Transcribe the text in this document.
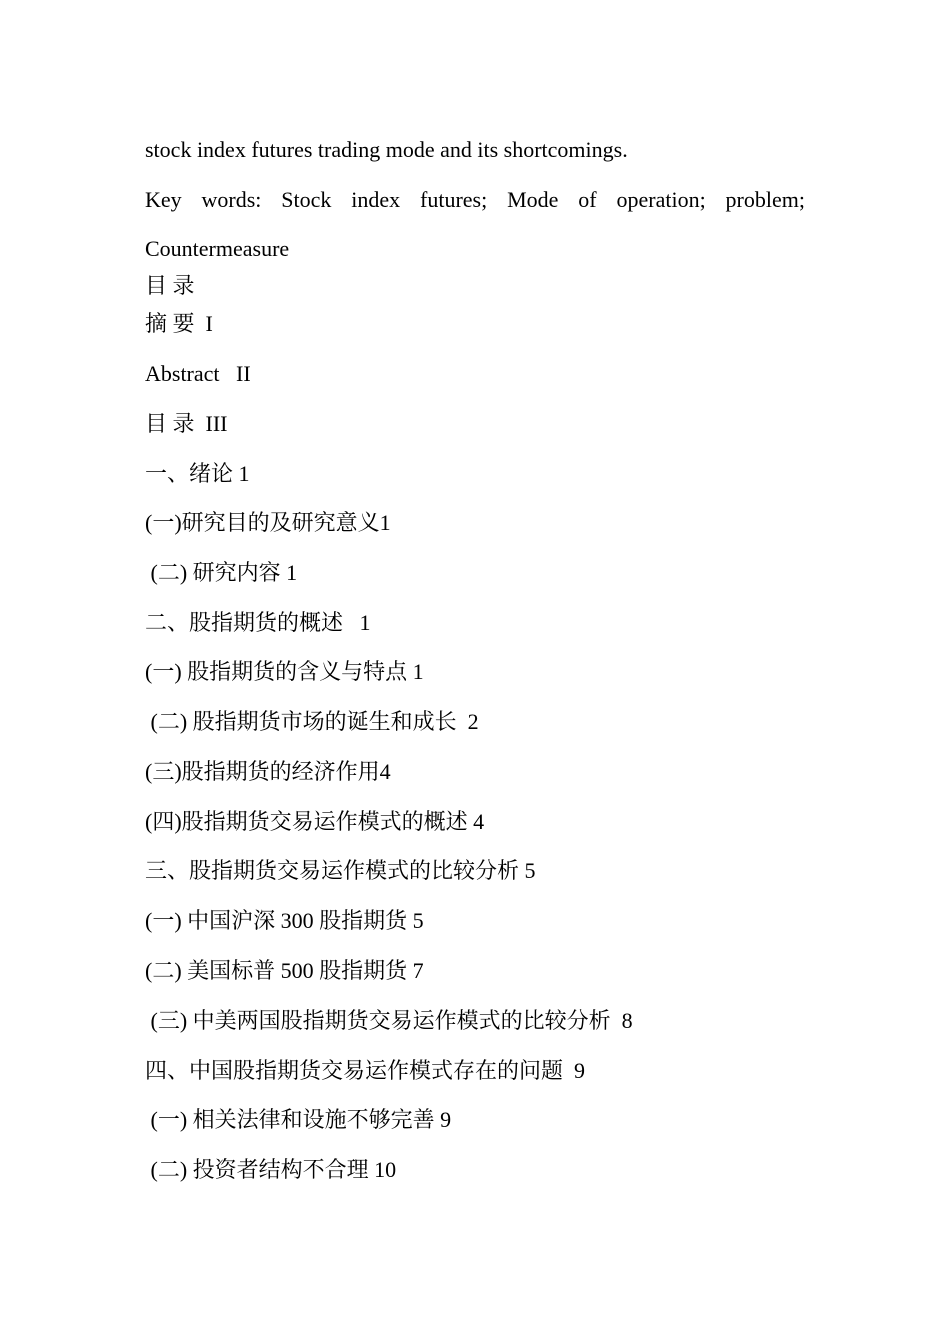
stock index futures trading mode and its shortcomings.
Key words: Stock index futures; Mode of operation; problem;
Countermeasure
目 录
摘 要  I
Abstract   II
目 录  III
一、绪论 1
(一)研究目的及研究意义1
(二) 研究内容 1
二、股指期货的概述   1
(一) 股指期货的含义与特点 1
(二) 股指期货市场的诞生和成长  2
(三)股指期货的经济作用4
(四)股指期货交易运作模式的概述 4
三、股指期货交易运作模式的比较分析 5
(一) 中国沪深 300 股指期货 5
(二) 美国标普 500 股指期货 7
(三) 中美两国股指期货交易运作模式的比较分析  8
四、中国股指期货交易运作模式存在的问题  9
(一) 相关法律和设施不够完善 9
(二) 投资者结构不合理 10
